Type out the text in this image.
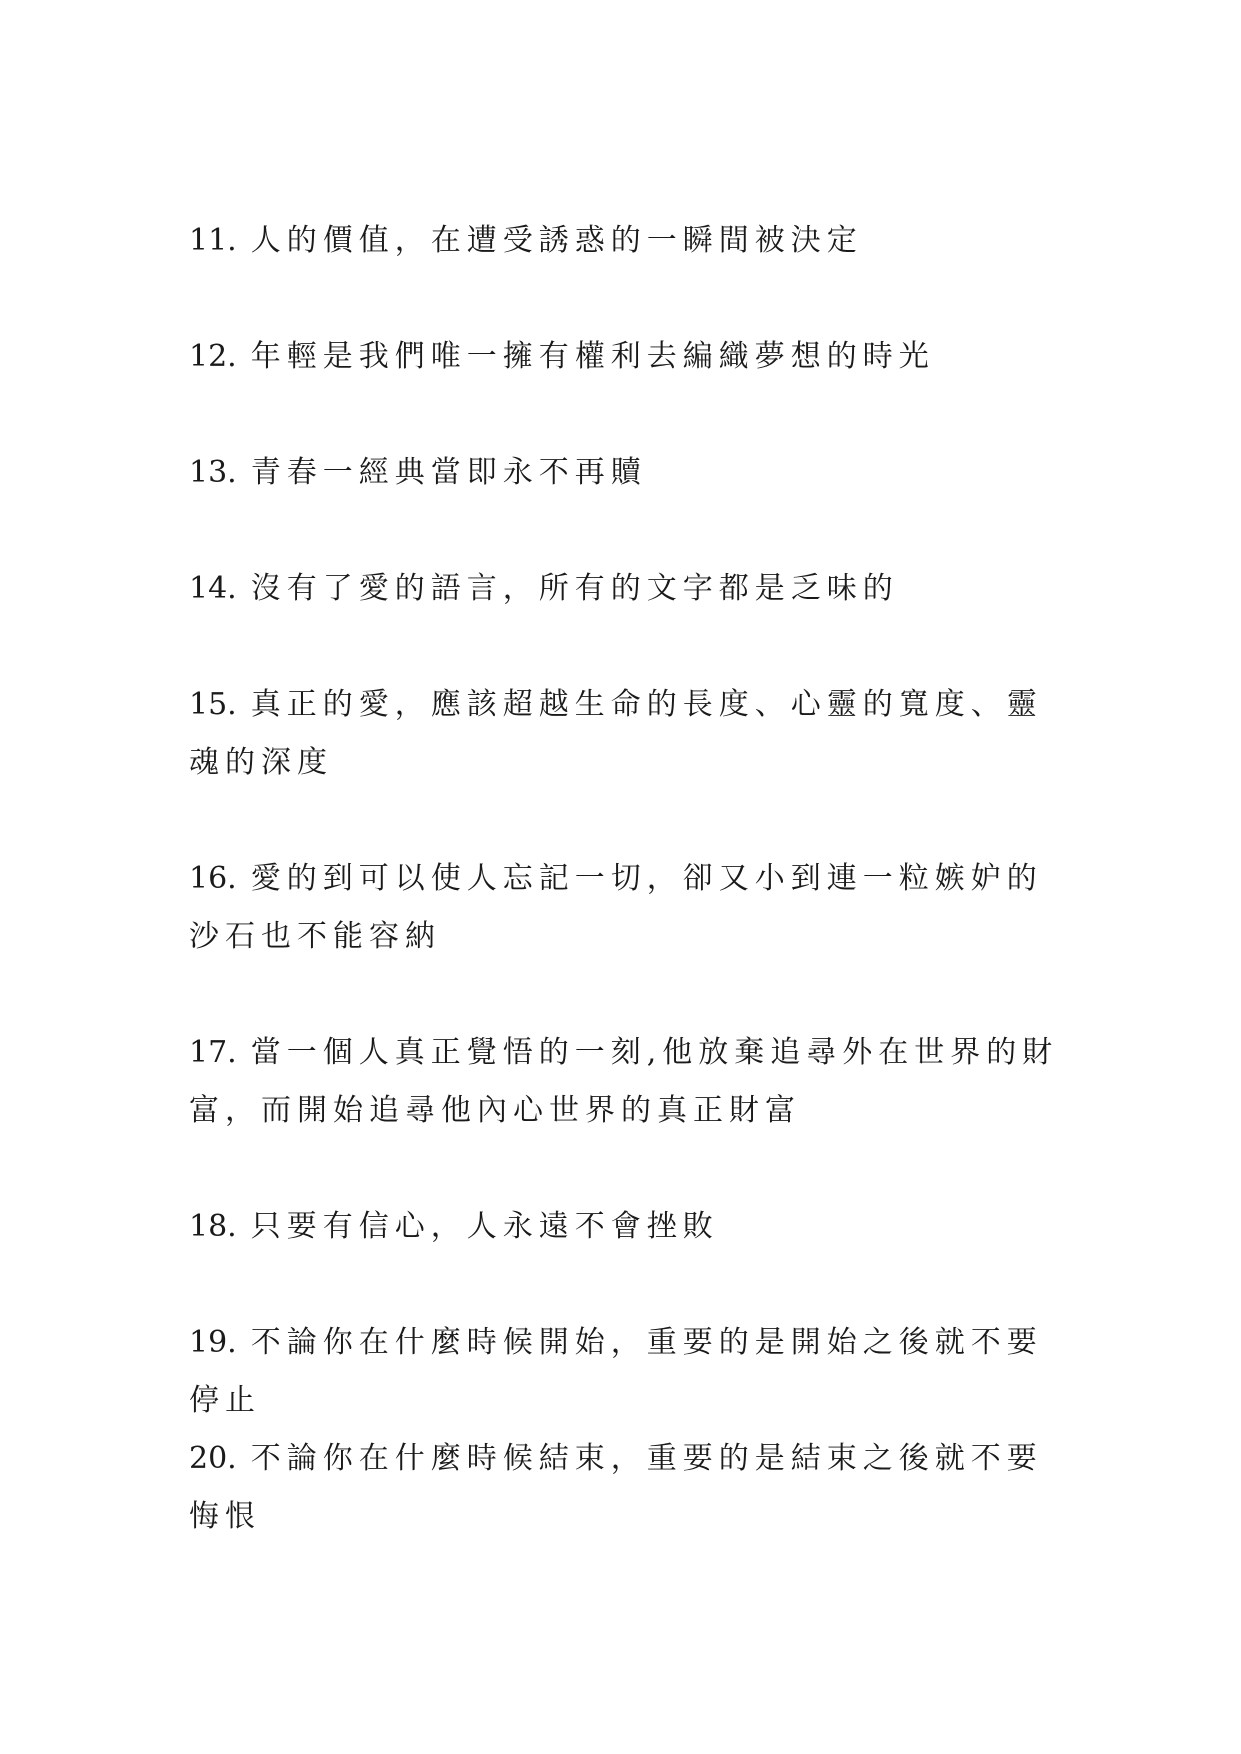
11. 人的價值，在遭受誘惑的一瞬間被決定
12. 年輕是我們唯一擁有權利去編織夢想的時光
13. 青春一經典當即永不再贖
14. 沒有了愛的語言，所有的文字都是乏味的
15. 真正的愛，應該超越生命的長度、心靈的寬度、靈魂的深度
16. 愛的到可以使人忘記一切，卻又小到連一粒嫉妒的沙石也不能容納
17. 當一個人真正覺悟的一刻,他放棄追尋外在世界的財富，而開始追尋他內心世界的真正財富
18. 只要有信心，人永遠不會挫敗
19. 不論你在什麼時候開始，重要的是開始之後就不要停止
20. 不論你在什麼時候結束，重要的是結束之後就不要悔恨
